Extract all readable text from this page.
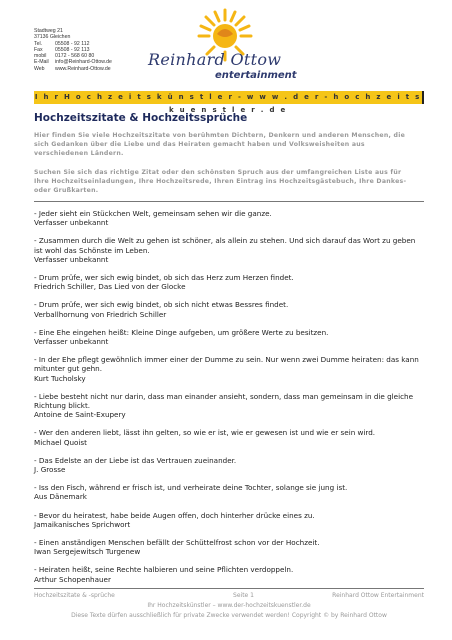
Stadtweg 21
37136 Gleichen
Tel.	05508 - 92 112
Fax	05508 - 92 113
mobil	0172 - 568 60 80
E-Mail	info@Reinhard-Ottow.de
Web	www.Reinhard-Ottow.de Reinhard Ottow
entertainment
I h r H o c h z e i t s k ü n s t l e r - w w w . d e r - h o c h z e i t s k u e n s t l e r . d e
Hochzeitszitate & Hochzeitssprüche
Hier finden Sie viele Hochzeitszitate von berühmten Dichtern, Denkern und anderen Menschen, die sich Gedanken über die Liebe und das Heiraten gemacht haben und Volksweisheiten aus verschiedenen Ländern.
Suchen Sie sich das richtige Zitat oder den schönsten Spruch aus der umfangreichen Liste aus für Ihre Hochzeitseinladungen, Ihre Hochzeitsrede, Ihren Eintrag ins Hochzeitsgästebuch, Ihre Dankes- oder Grußkarten.
- Jeder sieht ein Stückchen Welt, gemeinsam sehen wir die ganze.
Verfasser unbekannt
- Zusammen durch die Welt zu gehen ist schöner, als allein zu stehen. Und sich darauf das Wort zu geben ist wohl das Schönste im Leben.
Verfasser unbekannt
- Drum prüfe, wer sich ewig bindet, ob sich das Herz zum Herzen findet.
Friedrich Schiller, Das Lied von der Glocke
- Drum prüfe, wer sich ewig bindet, ob sich nicht etwas Bessres findet.
Verballhornung von Friedrich Schiller
- Eine Ehe eingehen heißt: Kleine Dinge aufgeben, um größere Werte zu besitzen.
Verfasser unbekannt
- In der Ehe pflegt gewöhnlich immer einer der Dumme zu sein. Nur wenn zwei Dumme heiraten: das kann mitunter gut gehn.
Kurt Tucholsky
- Liebe besteht nicht nur darin, dass man einander ansieht, sondern, dass man gemeinsam in die gleiche Richtung blickt.
Antoine de Saint-Exupery
- Wer den anderen liebt, lässt ihn gelten, so wie er ist, wie er gewesen ist und wie er sein wird.
Michael Quoist
- Das Edelste an der Liebe ist das Vertrauen zueinander.
J. Grosse
- Iss den Fisch, während er frisch ist, und verheirate deine Tochter, solange sie jung ist.
Aus Dänemark
- Bevor du heiratest, habe beide Augen offen, doch hinterher drücke eines zu.
Jamaikanisches Sprichwort
- Einen anständigen Menschen befällt der Schüttelfrost schon vor der Hochzeit.
Iwan Sergejewitsch Turgenew
- Heiraten heißt, seine Rechte halbieren und seine Pflichten verdoppeln.
Arthur Schopenhauer
Hochzeitszitate & -sprüche	Seite 1	Reinhard Ottow Entertainment
Ihr Hochzeitskünstler – www.der-hochzeitskuenstler.de
Diese Texte dürfen ausschließlich für private Zwecke verwendet werden! Copyright © by Reinhard Ottow
